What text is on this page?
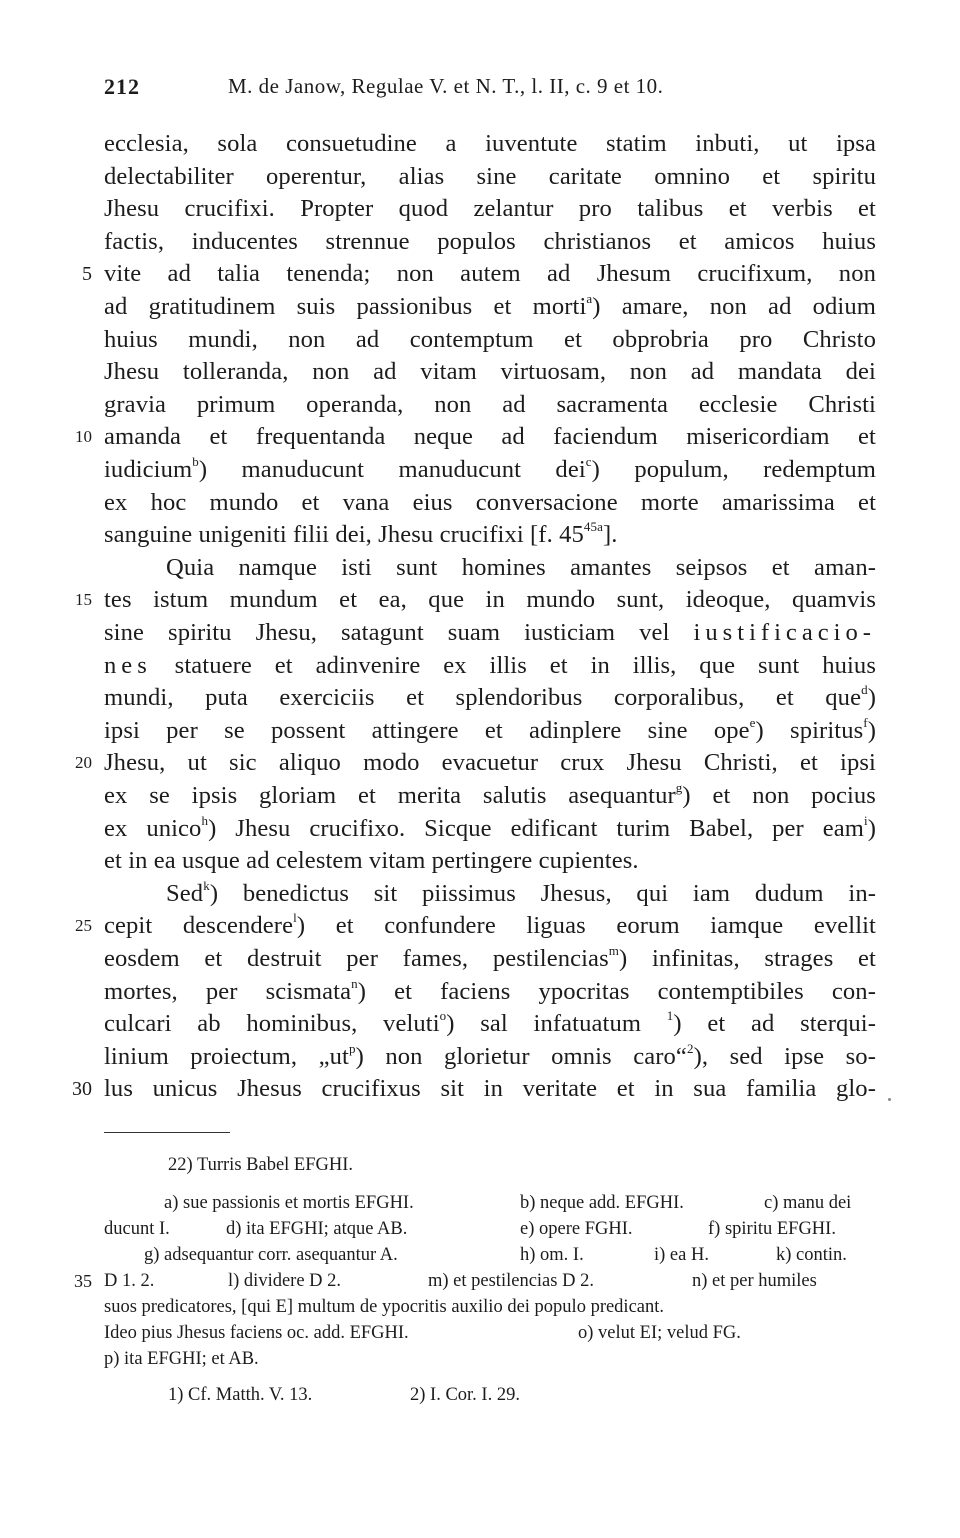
212	M. de Janow, Regulae V. et N. T., l. II, c. 9 et 10.
ecclesia, sola consuetudine a iuventute statim inbuti, ut ipsa
delectabiliter operentur, alias sine caritate omnino et spiritu
Jhesu crucifixi. Propter quod zelantur pro talibus et verbis et
factis, inducentes strennue populos christianos et amicos huius
5 vite ad talia tenenda; non autem ad Jhesum crucifixum, non
ad gratitudinem suis passionibus et morti$^a$) amare, non ad odium
huius mundi, non ad contemptum et obprobria pro Christo
Jhesu tolleranda, non ad vitam virtuosam, non ad mandata dei
gravia primum operanda, non ad sacramenta ecclesie Christi
10 amanda et frequentanda neque ad faciendum misericordiam et
iudicium$^b$) manuducunt manuducunt dei$^c$) populum, redemptum
ex hoc mundo et vana eius conversacione morte amarissima et
sanguine unigeniti filii dei, Jhesu crucifixi [f. $45^{45a}$].
Quia namque isti sunt homines amantes seipsos et aman-
15 tes istum mundum et ea, que in mundo sunt, ideoque, quamvis
sine spiritu Jhesu, satagunt suam iusticiam vel iustificacio-
nes statuere et adinvenire ex illis et in illis, que sunt huius
mundi, puta exerciciis et splendoribus corporalibus, et que$^d$)
ipsi per se possent attingere et adinplere sine ope$^e$) spiritus$^f$)
20 Jhesu, ut sic aliquo modo evacuetur crux Jhesu Christi, et ipsi
ex se ipsis gloriam et merita salutis asequantur$^g$) et non pocius
ex unico$^h$) Jhesu crucifixo. Sicque edificant turim Babel, per eam$^i$)
et in ea usque ad celestem vitam pertingere cupientes.
Sed$^k$) benedictus sit piissimus Jhesus, qui iam dudum in-
25 cepit descendere$^l$) et confundere liguas eorum iamque evellit
eosdem et destruit per fames, pestilencias$^m$) infinitas, strages et
mortes, per scismata$^n$) et faciens ypocritas contemptibiles con-
culcari ab hominibus, veluti$^o$) sal infatuatum $^1$) et ad sterqui-
linium proiectum, $„ut^p$) non glorietur omnis caro“$^2$), sed ipse so-
30 lus unicus Jhesus crucifixus sit in veritate et in sua familia glo-
22) Turris Babel EFGHI.
a) sue passionis et mortis EFGHI.	b) neque add. EFGHI.	c) manu dei
ducunt I.	d) ita EFGHI; atque AB.	e) opere FGHI.	f) spiritu EFGHI.
g) adsequantur corr. asequantur A.	h) om. I.	i) ea H.	k) contin.
35 D 1. 2.	l) dividere D 2.	m) et pestilencias D 2.	n) et per humiles
suos predicatores, [qui E] multum de ypocritis auxilio dei populo predicant.
Ideo pius Jhesus faciens oc. add. EFGHI.	o) velut EI; velud FG.
p) ita EFGHI; et AB.
1) Cf. Matth. V. 13.	2) I. Cor. I. 29.
